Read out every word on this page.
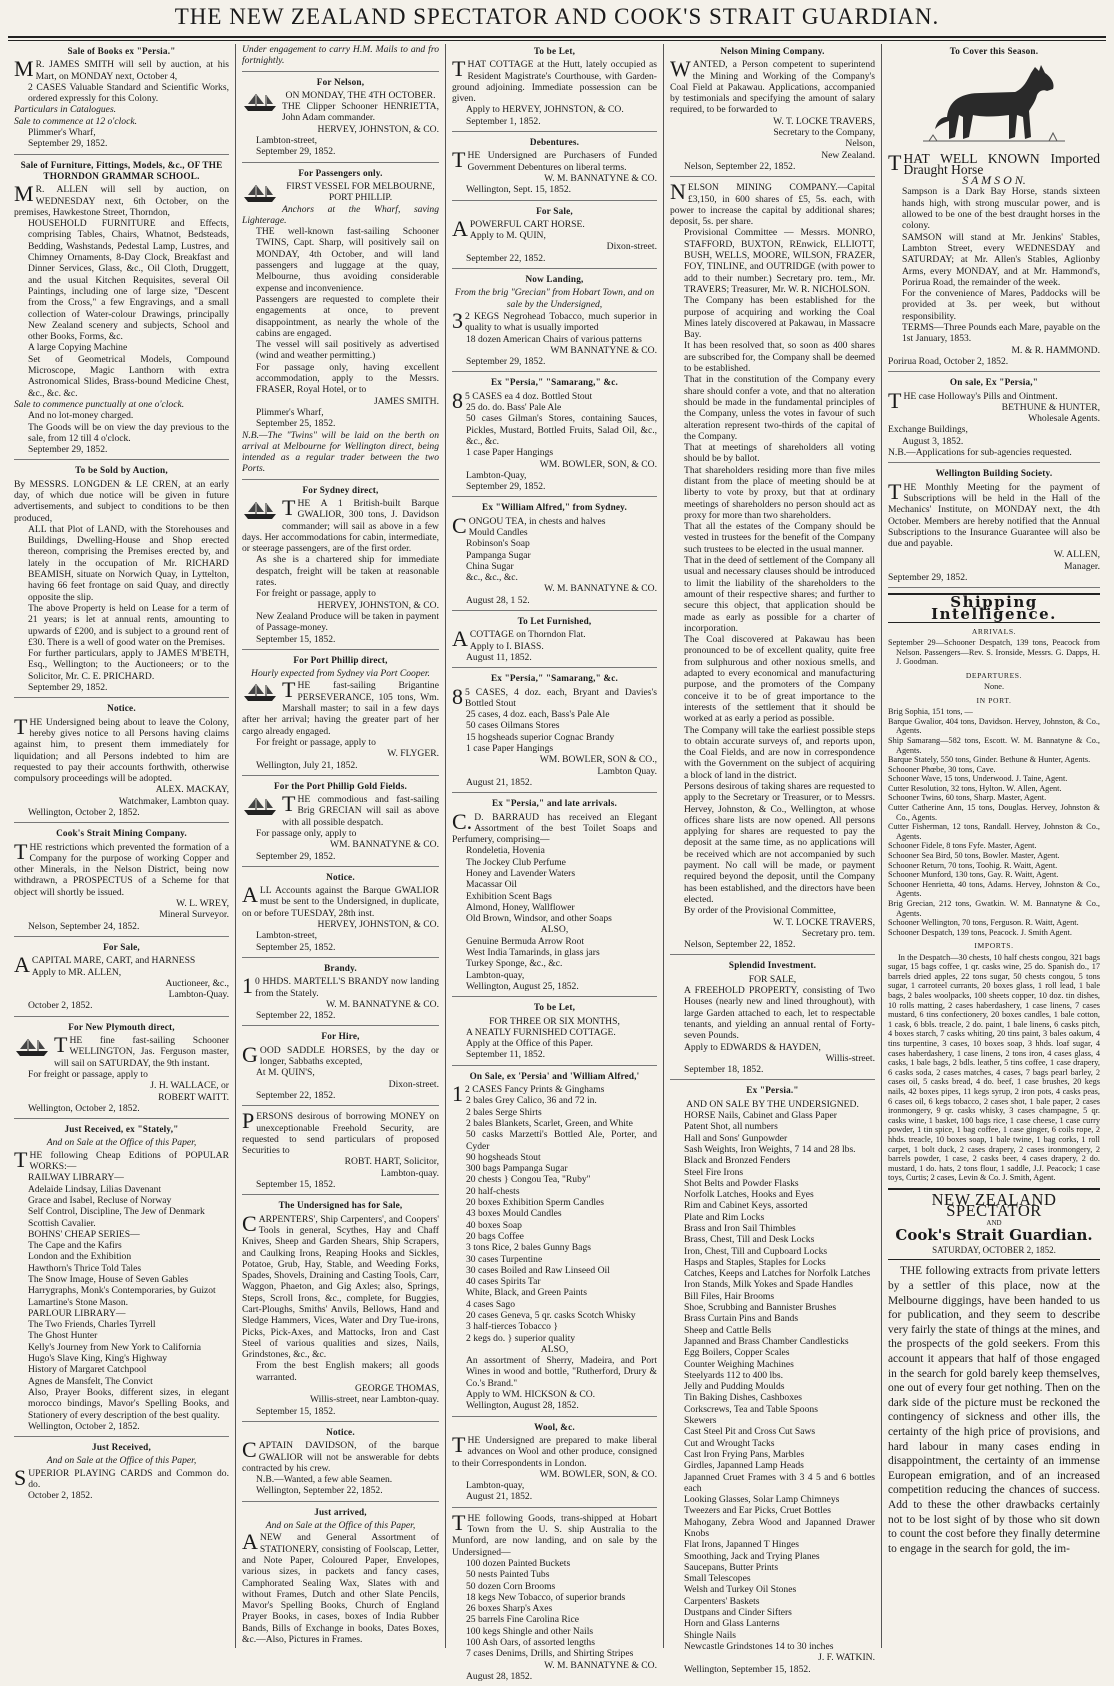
THE NEW ZEALAND SPECTATOR AND COOK'S STRAIT GUARDIAN.
Sale of Books ex "Persia."
MR. JAMES SMITH will sell by auction, at his Mart, on MONDAY next, October 4,
2 CASES Valuable Standard and Scientific Works, ordered expressly for this Colony.
Particulars in Catalogues.
Sale to commence at 12 o'clock.
Plimmer's Wharf,
September 29, 1852.
Sale of Furniture, Fittings, Models, &c., OF THE THORNDON GRAMMAR SCHOOL.
MR. ALLEN will sell by auction, on WEDNESDAY next, 6th October, on the premises, Hawkestone Street, Thorndon,
HOUSEHOLD FURNITURE and Effects, comprising Tables, Chairs, Whatnot, Bedsteads, Bedding, Washstands, Pedestal Lamp, Lustres, and Chimney Ornaments, 8-Day Clock, Breakfast and Dinner Services, Glass, &c., Oil Cloth, Druggett, and the usual Kitchen Requisites, several Oil Paintings, including one of large size, "Descent from the Cross," a few Engravings, and a small collection of Water-colour Drawings, principally New Zealand scenery and subjects, School and other Books, Forms, &c.
A large Copying Machine
Set of Geometrical Models, Compound Microscope, Magic Lanthorn with extra Astronomical Slides, Brass-bound Medicine Chest, &c., &c. &c.
Sale to commence punctually at one o'clock.
And no lot-money charged.
The Goods will be on view the day previous to the sale, from 12 till 4 o'clock.
September 29, 1852.
To be Sold by Auction,
By MESSRS. LONGDEN & LE CREN, at an early day, of which due notice will be given in future advertisements, and subject to conditions to be then produced,
ALL that Plot of LAND, with the Storehouses and Buildings, Dwelling-House and Shop erected thereon, comprising the Premises erected by, and lately in the occupation of Mr. RICHARD BEAMISH, situate on Norwich Quay, in Lyttelton, having 66 feet frontage on said Quay, and directly opposite the slip.
The above Property is held on Lease for a term of 21 years; is let at annual rents, amounting to upwards of £200, and is subject to a ground rent of £30. There is a well of good water on the Premises.
For further particulars, apply to JAMES M'BETH, Esq., Wellington; to the Auctioneers; or to the Solicitor, Mr. C. E. PRICHARD.
September 29, 1852.
Notice.
THE Undersigned being about to leave the Colony, hereby gives notice to all Persons having claims against him, to present them immediately for liquidation; and all Persons indebted to him are requested to pay their accounts forthwith, otherwise compulsory proceedings will be adopted.
ALEX. MACKAY,
Watchmaker, Lambton quay.
Wellington, October 2, 1852.
Cook's Strait Mining Company.
THE restrictions which prevented the formation of a Company for the purpose of working Copper and other Minerals, in the Nelson District, being now withdrawn, a PROSPECTUS of a Scheme for that object will shortly be issued.
W. L. WREY,
Mineral Surveyor.
Nelson, September 24, 1852.
For Sale,
ACAPITAL MARE, CART, and HARNESS
Apply to MR. ALLEN,
Auctioneer, &c.,
Lambton-Quay.
October 2, 1852.
For New Plymouth direct,
THE fine fast-sailing Schooner WELLINGTON, Jas. Ferguson master, will sail on SATURDAY, the 9th instant.
For freight or passage, apply to
J. H. WALLACE, or
ROBERT WAITT.
Wellington, October 2, 1852.
Just Received, ex "Stately,"
And on Sale at the Office of this Paper,
THE following Cheap Editions of POPULAR WORKS:—
RAILWAY LIBRARY—
Adelaide Lindsay, Lilias Davenant
Grace and Isabel, Recluse of Norway
Self Control, Discipline, The Jew of Denmark
Scottish Cavalier.
BOHNS' CHEAP SERIES—
The Cape and the Kafirs
London and the Exhibition
Hawthorn's Thrice Told Tales
The Snow Image, House of Seven Gables
Harrygraphs, Monk's Contemporaries, by Guizot
Lamartine's Stone Mason.
PARLOUR LIBRARY—
The Two Friends, Charles Tyrrell
The Ghost Hunter
Kelly's Journey from New York to California
Hugo's Slave King, King's Highway
History of Margaret Catchpool
Agnes de Mansfelt, The Convict
Also, Prayer Books, different sizes, in elegant morocco bindings, Mavor's Spelling Books, and Stationery of every description of the best quality.
Wellington, October 2, 1852.
Just Received,
And on Sale at the Office of this Paper,
SUPERIOR PLAYING CARDS and Common do. do.
October 2, 1852.
Under engagement to carry H.M. Mails to and fro fortnightly.
For Nelson,
ON MONDAY, THE 4TH OCTOBER.
THE Clipper Schooner HENRIETTA, John Adam commander.
HERVEY, JOHNSTON, & CO.
Lambton-street,
September 29, 1852.
For Passengers only.
FIRST VESSEL FOR MELBOURNE, PORT PHILLIP.
Anchors at the Wharf, saving Lighterage.
THE well-known fast-sailing Schooner TWINS, Capt. Sharp, will positively sail on MONDAY, 4th October, and will land passengers and luggage at the quay, Melbourne, thus avoiding considerable expense and inconvenience.
Passengers are requested to complete their engagements at once, to prevent disappointment, as nearly the whole of the cabins are engaged.
The vessel will sail positively as advertised (wind and weather permitting.)
For passage only, having excellent accommodation, apply to the Messrs. FRASER, Royal Hotel, or to
JAMES SMITH.
Plimmer's Wharf,
September 25, 1852.
N.B.—The "Twins" will be laid on the berth on arrival at Melbourne for Wellington direct, being intended as a regular trader between the two Ports.
For Sydney direct,
THE A 1 British-built Barque GWALIOR, 300 tons, J. Davidson commander; will sail as above in a few days. Her accommodations for cabin, intermediate, or steerage passengers, are of the first order.
As she is a chartered ship for immediate despatch, freight will be taken at reasonable rates.
For freight or passage, apply to
HERVEY, JOHNSTON, & CO.
New Zealand Produce will be taken in payment of Passage-money.
September 15, 1852.
For Port Phillip direct,
Hourly expected from Sydney via Port Cooper.
THE fast-sailing Brigantine PERSEVERANCE, 105 tons, Wm. Marshall master; to sail in a few days after her arrival; having the greater part of her cargo already engaged.
For freight or passage, apply to
W. FLYGER.
Wellington, July 21, 1852.
For the Port Phillip Gold Fields.
THE commodious and fast-sailing Brig GRECIAN will sail as above with all possible despatch.
For passage only, apply to
WM. BANNATYNE & CO.
September 29, 1852.
Notice.
ALL Accounts against the Barque GWALIOR must be sent to the Undersigned, in duplicate, on or before TUESDAY, 28th inst.
HERVEY, JOHNSTON, & CO.
Lambton-street,
September 25, 1852.
Brandy.
10 HHDS. MARTELL'S BRANDY now landing from the Stately.
W. M. BANNATYNE & CO.
September 22, 1852.
For Hire,
GOOD SADDLE HORSES, by the day or longer, Sabbaths excepted,
At M. QUIN'S,
Dixon-street.
September 22, 1852.
PERSONS desirous of borrowing MONEY on unexceptionable Freehold Security, are requested to send particulars of proposed Securities to
ROBT. HART, Solicitor,
Lambton-quay.
September 15, 1852.
The Undersigned has for Sale,
CARPENTERS', Ship Carpenters', and Coopers' Tools in general, Scythes, Hay and Chaff Knives, Sheep and Garden Shears, Ship Scrapers, and Caulking Irons, Reaping Hooks and Sickles, Potatoe, Grub, Hay, Stable, and Weeding Forks, Spades, Shovels, Draining and Casting Tools, Carr, Waggon, Phaeton, and Gig Axles; also, Springs, Steps, Scroll Irons, &c., complete, for Buggies, Cart-Ploughs, Smiths' Anvils, Bellows, Hand and Sledge Hammers, Vices, Water and Dry Tue-irons, Picks, Pick-Axes, and Mattocks, Iron and Cast Steel of various qualities and sizes, Nails, Grindstones, &c., &c.
From the best English makers; all goods warranted.
GEORGE THOMAS,
Willis-street, near Lambton-quay.
September 15, 1852.
Notice.
CAPTAIN DAVIDSON, of the barque GWALIOR will not be answerable for debts contracted by his crew.
N.B.—Wanted, a few able Seamen.
Wellington, September 22, 1852.
Just arrived,
And on Sale at the Office of this Paper,
ANEW and General Assortment of STATIONERY, consisting of Foolscap, Letter, and Note Paper, Coloured Paper, Envelopes, various sizes, in packets and fancy cases, Camphorated Sealing Wax, Slates with and without Frames, Dutch and other Slate Pencils, Mavor's Spelling Books, Church of England Prayer Books, in cases, boxes of India Rubber Bands, Bills of Exchange in books, Dates Boxes, &c.—Also, Pictures in Frames.
To be Let,
THAT COTTAGE at the Hutt, lately occupied as Resident Magistrate's Courthouse, with Garden-ground adjoining. Immediate possession can be given.
Apply to HERVEY, JOHNSTON, & CO.
September 1, 1852.
Debentures.
THE Undersigned are Purchasers of Funded Government Debentures on liberal terms.
W. M. BANNATYNE & CO.
Wellington, Sept. 15, 1852.
For Sale,
APOWERFUL CART HORSE.
Apply to M. QUIN,
Dixon-street.
September 22, 1852.
Now Landing,
From the brig "Grecian" from Hobart Town, and on sale by the Undersigned,
32 KEGS Negrohead Tobacco, much superior in quality to what is usually imported
18 dozen American Chairs of various patterns
WM BANNATYNE & CO.
September 29, 1852.
Ex "Persia," "Samarang," &c.
85 CASES ea 4 doz. Bottled Stout
25 do. do. Bass' Pale Ale
50 cases Gilman's Stores, containing Sauces, Pickles, Mustard, Bottled Fruits, Salad Oil, &c., &c., &c.
1 case Paper Hangings
WM. BOWLER, SON, & CO.
Lambton-Quay,
September 29, 1852.
Ex "William Alfred," from Sydney.
CONGOU TEA, in chests and halves
Mould Candles
Robinson's Soap
Pampanga Sugar
China Sugar
&c., &c., &c.
W. M. BANNATYNE & CO.
August 28, 1 52.
To Let Furnished,
ACOTTAGE on Thorndon Flat.
Apply to I. BIASS.
August 11, 1852.
Ex "Persia," "Samarang," &c.
85 CASES, 4 doz. each, Bryant and Davies's Bottled Stout
25 cases, 4 doz. each, Bass's Pale Ale
50 cases Oilmans Stores
15 hogsheads superior Cognac Brandy
1 case Paper Hangings
WM. BOWLER, SON & CO.,
Lambton Quay.
August 21, 1852.
Ex "Persia," and late arrivals.
C.D. BARRAUD has received an Elegant Assortment of the best Toilet Soaps and Perfumery, comprising—
Rondeletia, Hovenia
The Jockey Club Perfume
Honey and Lavender Waters
Macassar Oil
Exhibition Scent Bags
Almond, Honey, Wallflower
Old Brown, Windsor, and other Soaps
ALSO,
Genuine Bermuda Arrow Root
West India Tamarinds, in glass jars
Turkey Sponge, &c., &c.
Lambton-quay,
Wellington, August 25, 1852.
To be Let,
FOR THREE OR SIX MONTHS,
A NEATLY FURNISHED COTTAGE.
Apply at the Office of this Paper.
September 11, 1852.
On Sale, ex 'Persia' and 'William Alfred,'
12 CASES Fancy Prints & Ginghams
2 bales Grey Calico, 36 and 72 in.
2 bales Serge Shirts
2 bales Blankets, Scarlet, Green, and White
50 casks Marzetti's Bottled Ale, Porter, and Cyder
90 hogsheads Stout
300 bags Pampanga Sugar
20 chests } Congou Tea, "Ruby"
20 half-chests
20 boxes Exhibition Sperm Candles
43 boxes Mould Candles
40 boxes Soap
20 bags Coffee
3 tons Rice, 2 bales Gunny Bags
30 cases Turpentine
30 cases Boiled and Raw Linseed Oil
40 cases Spirits Tar
White, Black, and Green Paints
4 cases Sago
20 cases Geneva, 5 qr. casks Scotch Whisky
3 half-tierces Tobacco }
2 kegs do. } superior quality
ALSO,
An assortment of Sherry, Madeira, and Port Wines in wood and bottle, "Rutherford, Drury & Co.'s Brand."
Apply to WM. HICKSON & CO.
Wellington, August 28, 1852.
Wool, &c.
THE Undersigned are prepared to make liberal advances on Wool and other produce, consigned to their Correspondents in London.
WM. BOWLER, SON, & CO.
Lambton-quay,
August 21, 1852.
THE following Goods, trans-shipped at Hobart Town from the U. S. ship Australia to the Munford, are now landing, and on sale by the Undersigned—
100 dozen Painted Buckets
50 nests Painted Tubs
50 dozen Corn Brooms
18 kegs New Tobacco, of superior brands
26 boxes Sharp's Axes
25 barrels Fine Carolina Rice
100 kegs Shingle and other Nails
100 Ash Oars, of assorted lengths
7 cases Denims, Drills, and Shirting Stripes
W. M. BANNATYNE & CO.
August 28, 1852.
Nelson Mining Company.
WANTED, a Person competent to superintend the Mining and Working of the Company's Coal Field at Pakawau. Applications, accompanied by testimonials and specifying the amount of salary required, to be forwarded to
W. T. LOCKE TRAVERS,
Secretary to the Company,
Nelson,
New Zealand.
Nelson, September 22, 1852.
NELSON MINING COMPANY.—Capital £3,150, in 600 shares of £5, 5s. each, with power to increase the capital by additional shares; deposit, 5s. per share.
Provisional Committee — Messrs. MONRO, STAFFORD, BUXTON, REnwick, ELLIOTT, BUSH, WELLS, MOORE, WILSON, FRAZER, FOY, TINLINE, and OUTRIDGE (with power to add to their number.) Secretary pro. tem., Mr. TRAVERS; Treasurer, Mr. W. R. NICHOLSON.
The Company has been established for the purpose of acquiring and working the Coal Mines lately discovered at Pakawau, in Massacre Bay.
It has been resolved that, so soon as 400 shares are subscribed for, the Company shall be deemed to be established.
That in the constitution of the Company every share should confer a vote, and that no alteration should be made in the fundamental principles of the Company, unless the votes in favour of such alteration represent two-thirds of the capital of the Company.
That at meetings of shareholders all voting should be by ballot.
That shareholders residing more than five miles distant from the place of meeting should be at liberty to vote by proxy, but that at ordinary meetings of shareholders no person should act as proxy for more than two shareholders.
That all the estates of the Company should be vested in trustees for the benefit of the Company such trustees to be elected in the usual manner.
That in the deed of settlement of the Company all usual and necessary clauses should be introduced to limit the liability of the shareholders to the amount of their respective shares; and further to secure this object, that application should be made as early as possible for a charter of incorporation.
The Coal discovered at Pakawau has been pronounced to be of excellent quality, quite free from sulphurous and other noxious smells, and adapted to every economical and manufacturing purpose, and the promoters of the Company conceive it to be of great importance to the interests of the settlement that it should be worked at as early a period as possible.
The Company will take the earliest possible steps to obtain accurate surveys of, and reports upon, the Coal Fields, and are now in correspondence with the Government on the subject of acquiring a block of land in the district.
Persons desirous of taking shares are requested to apply to the Secretary or Treasurer, or to Messrs. Hervey, Johnston, & Co., Wellington, at whose offices share lists are now opened. All persons applying for shares are requested to pay the deposit at the same time, as no applications will be received which are not accompanied by such payment. No call will be made, or payment required beyond the deposit, until the Company has been established, and the directors have been elected.
By order of the Provisional Committee,
W. T. LOCKE TRAVERS,
Secretary pro. tem.
Nelson, September 22, 1852.
Splendid Investment.
FOR SALE,
A FREEHOLD PROPERTY, consisting of Two Houses (nearly new and lined throughout), with large Garden attached to each, let to respectable tenants, and yielding an annual rental of Forty-seven Pounds.
Apply to EDWARDS & HAYDEN,
Willis-street.
September 18, 1852.
Ex "Persia."
AND ON SALE BY THE UNDERSIGNED.
HORSE Nails, Cabinet and Glass Paper
Patent Shot, all numbers
Hall and Sons' Gunpowder
Sash Weights, Iron Weights, 7 14 and 28 lbs.
Black and Bronzed Fenders
Steel Fire Irons
Shot Belts and Powder Flasks
Norfolk Latches, Hooks and Eyes
Rim and Cabinet Keys, assorted
Plate and Rim Locks
Brass and Iron Sail Thimbles
Brass, Chest, Till and Desk Locks
Iron, Chest, Till and Cupboard Locks
Hasps and Staples, Staples for Locks
Catches, Keeps and Latches for Norfolk Latches
Iron Stands, Milk Yokes and Spade Handles
Bill Files, Hair Brooms
Shoe, Scrubbing and Bannister Brushes
Brass Curtain Pins and Bands
Sheep and Cattle Bells
Japanned and Brass Chamber Candlesticks
Egg Boilers, Copper Scales
Counter Weighing Machines
Steelyards 112 to 400 lbs.
Jelly and Pudding Moulds
Tin Baking Dishes, Cashboxes
Corkscrews, Tea and Table Spoons
Skewers
Cast Steel Pit and Cross Cut Saws
Cut and Wrought Tacks
Cast Iron Frying Pans, Marbles
Girdles, Japanned Lamp Heads
Japanned Cruet Frames with 3 4 5 and 6 bottles each
Looking Glasses, Solar Lamp Chimneys
Tweezers and Ear Picks, Cruet Bottles
Mahogany, Zebra Wood and Japanned Drawer Knobs
Flat Irons, Japanned T Hinges
Smoothing, Jack and Trying Planes
Saucepans, Butter Prints
Small Telescopes
Welsh and Turkey Oil Stones
Carpenters' Baskets
Dustpans and Cinder Sifters
Horn and Glass Lanterns
Shingle Nails
Newcastle Grindstones 14 to 30 inches
J. F. WATKIN.
Wellington, September 15, 1852.
To Cover this Season.
THAT WELL KNOWN Imported Draught Horse
S A M S O N.
Sampson is a Dark Bay Horse, stands sixteen hands high, with strong muscular power, and is allowed to be one of the best draught horses in the colony.
SAMSON will stand at Mr. Jenkins' Stables, Lambton Street, every WEDNESDAY and SATURDAY; at Mr. Allen's Stables, Aglionby Arms, every MONDAY, and at Mr. Hammond's, Porirua Road, the remainder of the week.
For the convenience of Mares, Paddocks will be provided at 3s. per week, but without responsibility.
TERMS—Three Pounds each Mare, payable on the 1st January, 1853.
M. & R. HAMMOND.
Porirua Road, October 2, 1852.
On sale, Ex "Persia,"
THE case Holloway's Pills and Ointment.
BETHUNE & HUNTER,
Wholesale Agents.
Exchange Buildings,
August 3, 1852.
N.B.—Applications for sub-agencies requested.
Wellington Building Society.
THE Monthly Meeting for the payment of Subscriptions will be held in the Hall of the Mechanics' Institute, on MONDAY next, the 4th October. Members are hereby notified that the Annual Subscriptions to the Insurance Guarantee will also be due and payable.
W. ALLEN,
Manager.
September 29, 1852.
Shipping Intelligence.
ARRIVALS.
September 29—Schooner Despatch, 139 tons, Peacock from Nelson. Passengers—Rev. S. Ironside, Messrs. G. Dapps, H. J. Goodman.
DEPARTURES.
None.
IN PORT.
Brig Sophia, 151 tons, —
Barque Gwalior, 404 tons, Davidson. Hervey, Johnston, & Co., Agents.
Ship Samarang—582 tons, Escott. W. M. Bannatyne & Co., Agents.
Barque Stately, 550 tons, Ginder. Bethune & Hunter, Agents.
Schooner Phœbe, 30 tons, Cave.
Schooner Wave, 15 tons, Underwood. J. Taine, Agent.
Cutter Resolution, 32 tons, Hylton. W. Allen, Agent.
Schooner Twins, 60 tons, Sharp. Master, Agent.
Cutter Catherine Ann, 15 tons, Douglas. Hervey, Johnston & Co., Agents.
Cutter Fisherman, 12 tons, Randall. Hervey, Johnston & Co., Agents.
Schooner Fidele, 8 tons Fyfe. Master, Agent.
Schooner Sea Bird, 50 tons, Bowler. Master, Agent.
Schooner Return, 70 tons, Toohig. R. Waitt, Agent.
Schooner Munford, 130 tons, Gay. R. Waitt, Agent.
Schooner Henrietta, 40 tons, Adams. Hervey, Johnston & Co., Agents.
Brig Grecian, 212 tons, Gwatkin. W. M. Bannatyne & Co., Agents.
Schooner Wellington, 70 tons, Ferguson. R. Waitt, Agent.
Schooner Despatch, 139 tons, Peacock. J. Smith Agent.
IMPORTS.
In the Despatch—30 chests, 10 half chests congou, 321 bags sugar, 15 bags coffee, 1 qr. casks wine, 25 do. Spanish do., 17 barrels dried apples, 22 tons sugar, 50 chests congou, 5 tons sugar, 1 carroteel currants, 20 boxes glass, 1 roll lead, 1 bale bags, 2 bales woolpacks, 100 sheets copper, 10 doz. tin dishes, 10 rolls matting, 2 cases haberdashery, 1 case linens, 7 cases mustard, 6 tins confectionery, 20 boxes candles, 1 bale cotton, 1 cask, 6 bbls. treacle, 2 do. paint, 1 bale linens, 6 casks pitch, 4 boxes starch, 7 casks whiting, 20 tins paint, 3 bales oakum, 4 tins turpentine, 3 cases, 10 boxes soap, 3 hhds. loaf sugar, 4 cases haberdashery, 1 case linens, 2 tons iron, 4 cases glass, 4 casks, 1 bale bags, 2 bdls. leather, 5 tins coffee, 1 case drapery, 6 casks soda, 2 cases matches, 4 cases, 7 bags pearl barley, 2 cases oil, 5 casks bread, 4 do. beef, 1 case brushes, 20 kegs nails, 42 boxes pipes, 11 kegs syrup, 2 iron pots, 4 casks peas, 6 cases oil, 6 kegs tobacco, 2 cases shot, 1 bale paper, 2 cases ironmongery, 9 qr. casks whisky, 3 cases champagne, 5 qr. casks wine, 1 basket, 100 bags rice, 1 case cheese, 1 case curry powder, 1 tin spice, 1 bag coffee, 1 case ginger, 6 coils rope, 2 hhds. treacle, 10 boxes soap, 1 bale twine, 1 bag corks, 1 roll carpet, 1 bolt duck, 2 cases drapery, 2 cases ironmongery, 2 barrels powder, 1 case, 2 casks beer, 4 cases drapery, 2 do. mustard, 1 do. hats, 2 tons flour, 1 saddle, J.J. Peacock; 1 case toys, Curtis; 2 cases, Levin & Co. J. Smith, Agent.
NEW ZEALAND SPECTATOR
AND
Cook's Strait Guardian.
SATURDAY, OCTOBER 2, 1852.
THE following extracts from private letters by a settler of this place, now at the Melbourne diggings, have been handed to us for publication, and they seem to describe very fairly the state of things at the mines, and the prospects of the gold seekers. From this account it appears that half of those engaged in the search for gold barely keep themselves, one out of every four get nothing. Then on the dark side of the picture must be reckoned the contingency of sickness and other ills, the certainty of the high price of provisions, and hard labour in many cases ending in disappointment, the certainty of an immense European emigration, and of an increased competition reducing the chances of success. Add to these the other drawbacks certainly not to be lost sight of by those who sit down to count the cost before they finally determine to engage in the search for gold, the im-
